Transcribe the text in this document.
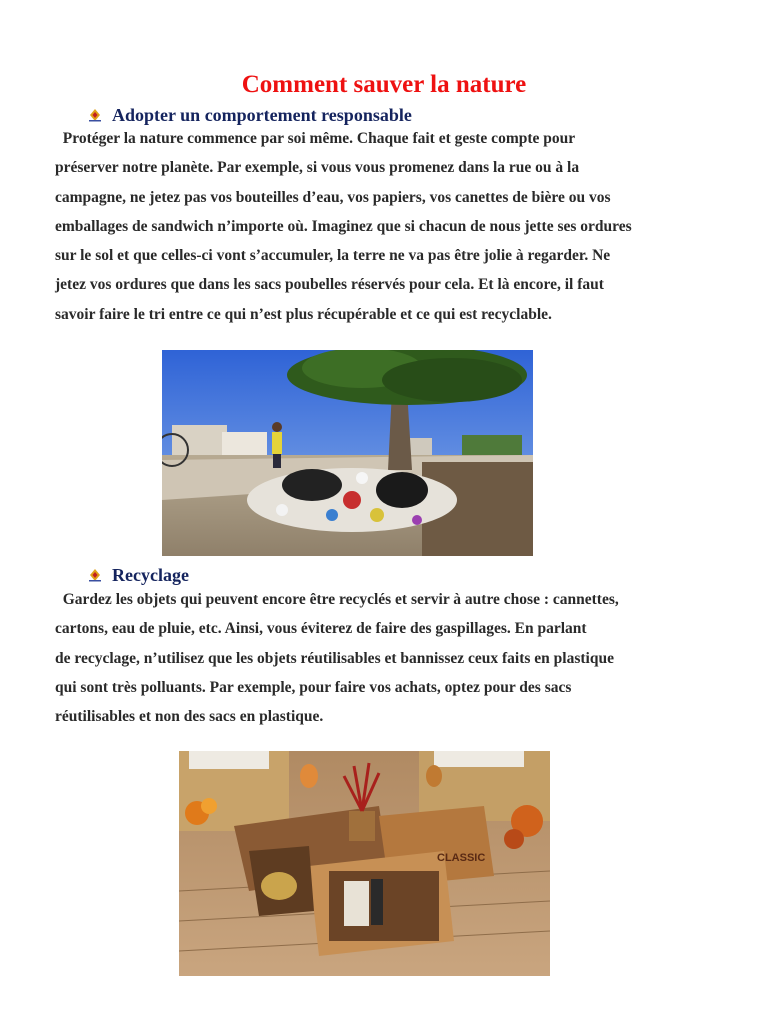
Comment sauver la nature
Adopter un comportement responsable
Protéger la nature commence par soi même. Chaque fait et geste compte pour
préserver notre planète. Par exemple, si vous vous promenez dans la rue ou à la
campagne, ne jetez pas vos bouteilles d’eau, vos papiers, vos canettes de bière ou vos
emballages de sandwich n’importe où. Imaginez que si chacun de nous jette ses ordures
sur le sol et que celles-ci vont s’accumuler, la terre ne va pas être jolie à regarder. Ne
jetez vos ordures que dans les sacs poubelles réservés pour cela. Et là encore, il faut
savoir faire le tri entre ce qui n’est plus récupérable et ce qui est recyclable.
Recyclage
Gardez les objets qui peuvent encore être recyclés et servir à autre chose : cannettes,
cartons, eau de pluie, etc. Ainsi, vous éviterez de faire des gaspillages. En parlant
de recyclage, n’utilisez que les objets réutilisables et bannissez ceux faits en plastique
qui sont très polluants. Par exemple, pour faire vos achats, optez pour des sacs
réutilisables et non des sacs en plastique.
CLASSIC
